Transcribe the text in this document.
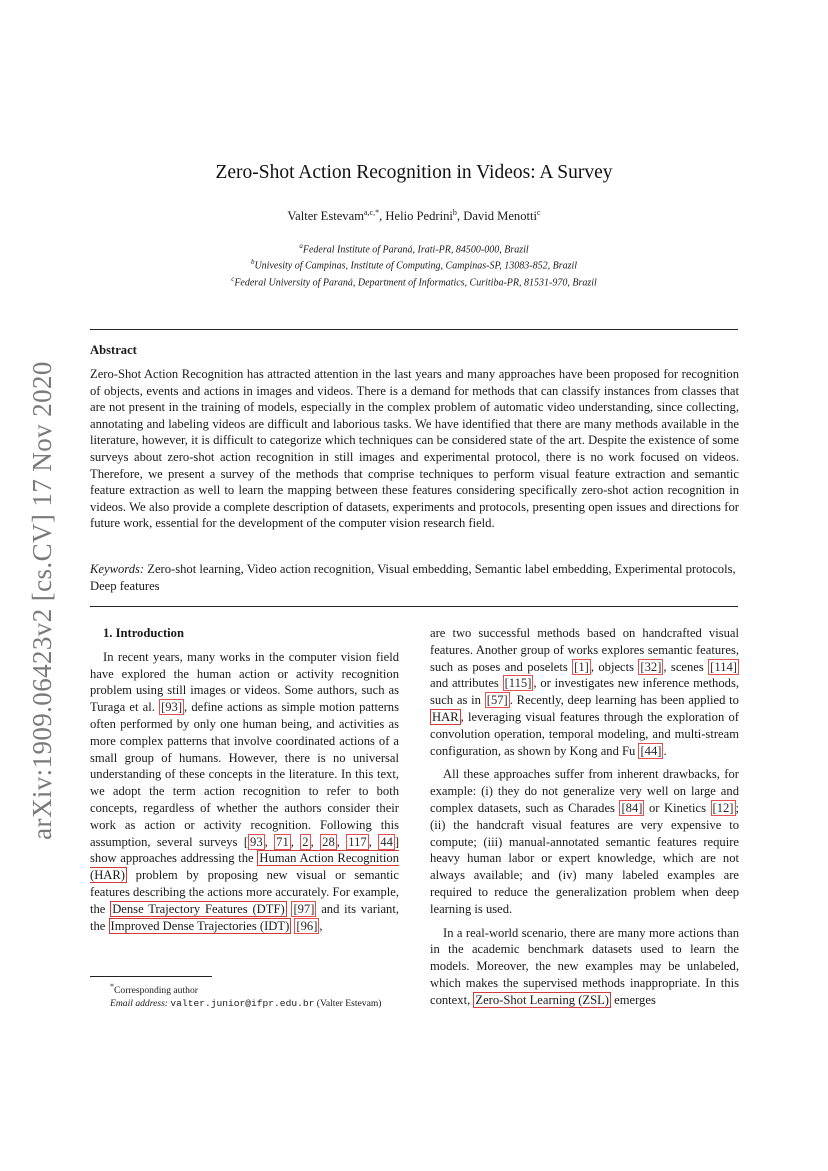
arXiv:1909.06423v2 [cs.CV] 17 Nov 2020
Zero-Shot Action Recognition in Videos: A Survey
Valter Estevam$^{a,c,*}$, Helio Pedrini$^b$, David Menotti$^c$
$^a$Federal Institute of Paraná, Irati-PR, 84500-000, Brazil
$^b$Univesity of Campinas, Institute of Computing, Campinas-SP, 13083-852, Brazil
$^c$Federal University of Paraná, Department of Informatics, Curitiba-PR, 81531-970, Brazil
Abstract
Zero-Shot Action Recognition has attracted attention in the last years and many approaches have been proposed for recognition of objects, events and actions in images and videos. There is a demand for methods that can classify instances from classes that are not present in the training of models, especially in the complex problem of automatic video understanding, since collecting, annotating and labeling videos are difficult and laborious tasks. We have identified that there are many methods available in the literature, however, it is difficult to categorize which techniques can be considered state of the art. Despite the existence of some surveys about zero-shot action recognition in still images and experimental protocol, there is no work focused on videos. Therefore, we present a survey of the methods that comprise techniques to perform visual feature extraction and semantic feature extraction as well to learn the mapping between these features considering specifically zero-shot action recognition in videos. We also provide a complete description of datasets, experiments and protocols, presenting open issues and directions for future work, essential for the development of the computer vision research field.
Keywords: Zero-shot learning, Video action recognition, Visual embedding, Semantic label embedding, Experimental protocols, Deep features

1. Introduction

In recent years, many works in the computer vision field have explored the human action or activity recognition problem using still images or videos. Some authors, such as Turaga et al. [93] , define actions as simple motion patterns often performed by only one human being, and activities as more complex patterns that involve coordinated actions of a small group of humans. However, there is no universal understanding of these concepts in the literature. In this text, we adopt the term action recognition to refer to both concepts, regardless of whether the authors consider their work as action or activity recognition. Following this assumption, several surveys [ 93 , 71 , 2 , 28 , 117 , 44 ] show approaches addressing the Human Action Recognition (HAR) problem by proposing new visual or semantic features describing the actions more accurately. For example, the Dense Trajectory Features (DTF) [97] and its variant, the Improved Dense Trajectories (IDT) [96] ,

*Corresponding author
Email address: valter.junior@ifpr.edu.br (Valter Estevam)

are two successful methods based on handcrafted visual features. Another group of works explores semantic features, such as poses and poselets [1] , objects [32] , scenes [114] and attributes [115] , or investigates new inference methods, such as in [57] . Recently, deep learning has been applied to HAR , leveraging visual features through the exploration of convolution operation, temporal modeling, and multi-stream configuration, as shown by Kong and Fu [44] .

All these approaches suffer from inherent drawbacks, for example: (i) they do not generalize very well on large and complex datasets, such as Charades [84] or Kinetics [12] ; (ii) the handcraft visual features are very expensive to compute; (iii) manual-annotated semantic features require heavy human labor or expert knowledge, which are not always available; and (iv) many labeled examples are required to reduce the generalization problem when deep learning is used.

In a real-world scenario, there are many more actions than in the academic benchmark datasets used to learn the models. Moreover, the new examples may be unlabeled, which makes the supervised methods inappropriate. In this context, Zero-Shot Learning (ZSL) emerges
